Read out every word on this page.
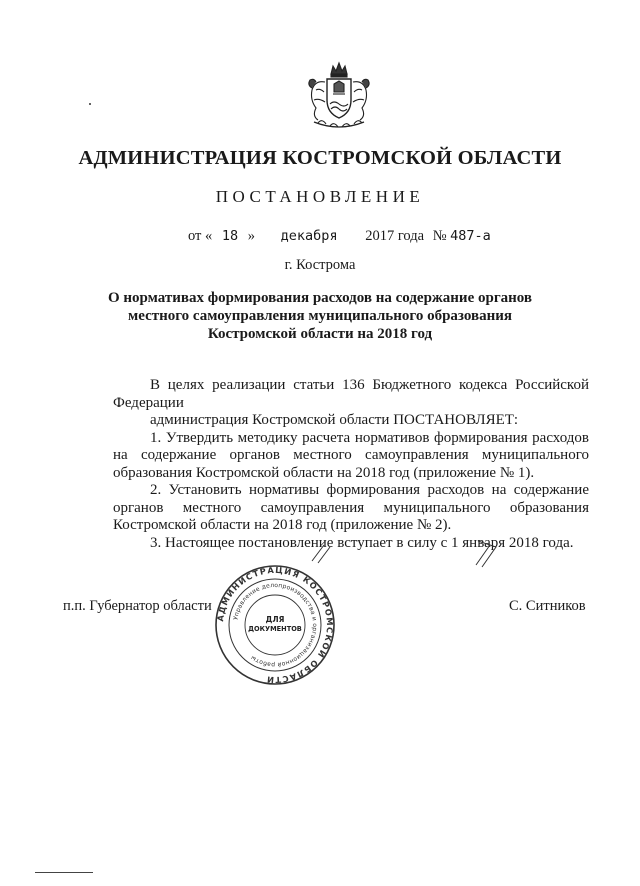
АДМИНИСТРАЦИЯ КОСТРОМСКОЙ ОБЛАСТИ
ПОСТАНОВЛЕНИЕ
от « 18 » декабря 2017 года № 487-а
г. Кострома
О нормативах формирования расходов на содержание органов
местного самоуправления муниципального образования
Костромской области на 2018 год
В целях реализации статьи 136 Бюджетного кодекса Российской
Федерации
администрация Костромской области ПОСТАНОВЛЯЕТ:
1. Утвердить методику расчета нормативов формирования расходов
на содержание органов местного самоуправления муниципального
образования Костромской области на 2018 год (приложение № 1).
2. Установить нормативы формирования расходов на содержание
органов местного самоуправления муниципального образования
Костромской области на 2018 год (приложение № 2).
3. Настоящее постановление вступает в силу с 1 января 2018 года.
п.п. Губернатор области	С. Ситников
АДМИНИСТРАЦИЯ КОСТРОМСКОЙ ОБЛАСТИ
Управление делопроизводства и организационной работы
ДЛЯ
ДОКУМЕНТОВ
